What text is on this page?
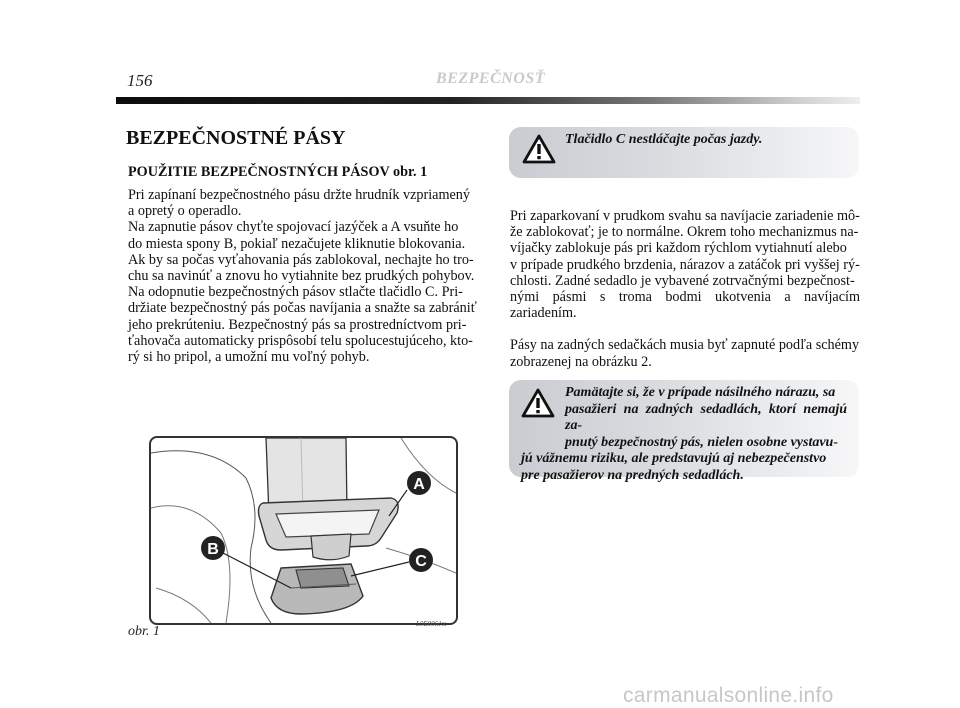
156	BEZPEČNOSŤ
BEZPEČNOSTNÉ PÁSY
POUŽITIE BEZPEČNOSTNÝCH PÁSOV obr. 1

Pri zapínaní bezpečnostného pásu držte hrudník vzpriamený

a opretý o operadlo.

Na zapnutie pásov chyťte spojovací jazýček a A vsuňte ho

do miesta spony B, pokiaľ nezačujete kliknutie blokovania.

Ak by sa počas vyťahovania pás zablokoval, nechajte ho tro-

chu sa navinúť a znovu ho vytiahnite bez prudkých pohybov.

Na odopnutie bezpečnostných pásov stlačte tlačidlo C. Pri-

držiate bezpečnostný pás počas navíjania a snažte sa zabrániť

jeho prekrúteniu. Bezpečnostný pás sa prostredníctvom pri-

ťahovača automaticky prispôsobí telu spolucestujúceho, kto-

rý si ho pripol, a umožní mu voľný pohyb.

A
B
C
obr. 1	L0E0061m
Tlačidlo C nestláčajte počas jazdy.

Pri zaparkovaní v prudkom svahu sa navíjacie zariadenie mô-

že zablokovať; je to normálne. Okrem toho mechanizmus na-

víjačky zablokuje pás pri každom rýchlom vytiahnutí alebo

v prípade prudkého brzdenia, nárazov a zatáčok pri vyššej rý-

chlosti. Zadné sedadlo je vybavené zotrvačnými bezpečnost-

nými pásmi s troma bodmi ukotvenia a navíjacím zariadením.

Pásy na zadných sedačkách musia byť zapnuté podľa schémy

zobrazenej na obrázku 2.

Pamätajte si, že v prípade násilného nárazu, sa
pasažieri na zadných sedadlách, ktorí nemajú za-
pnutý bezpečnostný pás, nielen osobne vystavu-
jú vážnemu riziku, ale predstavujú aj nebezpečenstvo
pre pasažierov na predných sedadlách.
carmanualsonline.info
